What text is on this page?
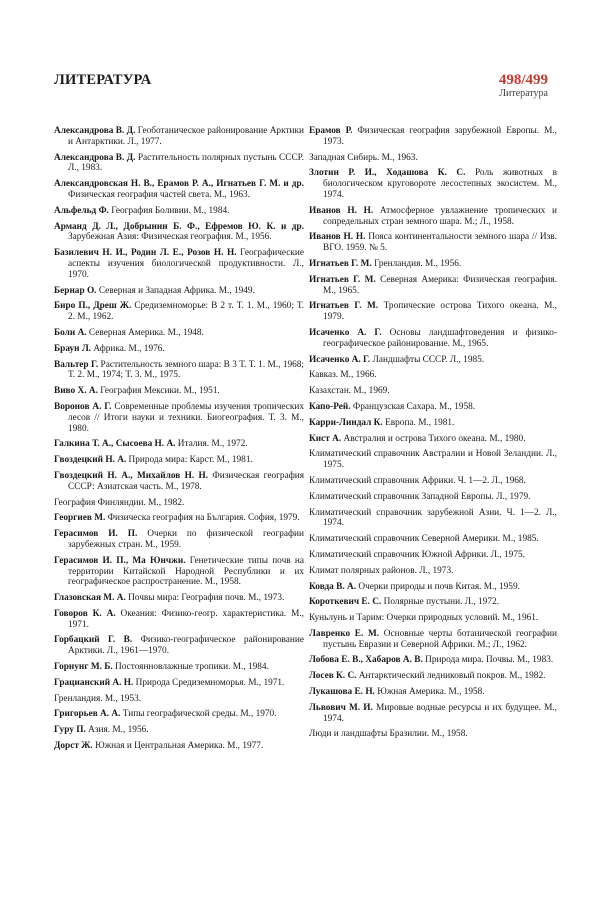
ЛИТЕРАТУРА	498/499
Литература
Александрова В. Д. Геоботаническое районирование Арктики и Антарктики. Л., 1977.
Александрова В. Д. Растительность полярных пустынь СССР. Л., 1983.
Александровская Н. В., Ерамов Р. А., Игнатьев Г. М. и др. Физическая география частей света. М., 1963.
Альфельд Ф. География Боливии. М., 1984.
Арманд Д. Л., Добрынин Б. Ф., Ефремов Ю. К. и др. Зарубежная Азия: Физическая география. М., 1956.
Базилевич Н. И., Родин Л. Е., Розов Н. Н. Географические аспекты изучения биологической продуктивности. Л., 1970.
Бернар О. Северная и Западная Африка. М., 1949.
Биро П., Дреш Ж. Средиземноморье: В 2 т. Т. 1. М., 1960; Т. 2. М., 1962.
Боли А. Северная Америка. М., 1948.
Браун Л. Африка. М., 1976.
Вальтер Г. Растительность земного шара: В 3 Т. Т. 1. М., 1968; Т. 2. М., 1974; Т. 3. М., 1975.
Виво Х. А. География Мексики. М., 1951.
Воронов А. Г. Современные проблемы изучения тропических лесов // Итоги науки и техники. Биогеография. Т. 3. М., 1980.
Галкина Т. А., Сысоева Н. А. Италия. М., 1972.
Гвоздецкий Н. А. Природа мира: Карст. М., 1981.
Гвоздецкий Н. А., Михайлов Н. Н. Физическая география СССР: Азиатская часть. М., 1978.
География Финляндии. М., 1982.
Георгиев М. Физическа география на България. София, 1979.
Герасимов И. П. Очерки по физической географии зарубежных стран. М., 1959.
Герасимов И. П., Ма Юнчжи. Генетические типы почв на территории Китайской Народной Республики и их географическое распространение. М., 1958.
Глазовская М. А. Почвы мира: География почв. М., 1973.
Говоров К. А. Океания: Физико-геогр. характеристика. М., 1971.
Горбацкий Г. В. Физико-географическое районирование Арктики. Л., 1961—1970.
Горнунг М. Б. Постоянновлажные тропики. М., 1984.
Грацианский А. Н. Природа Средиземноморья. М., 1971.
Гренландия. М., 1953.
Григорьев А. А. Типы географической среды. М., 1970.
Гуру П. Азия. М., 1956.
Дорст Ж. Южная и Центральная Америка. М., 1977.
Ерамов Р. Физическая география зарубежной Европы. М., 1973.
Западная Сибирь. М., 1963.
Злотин Р. И., Ходашова К. С. Роль животных в биологическом круговороте лесостепных экосистем. М., 1974.
Иванов Н. Н. Атмосферное увлажнение тропических и сопредельных стран земного шара. М.; Л., 1958.
Иванов Н. Н. Пояса континентальности земного шара // Изв. ВГО. 1959. № 5.
Игнатьев Г. М. Гренландия. М., 1956.
Игнатьев Г. М. Северная Америка: Физическая география. М., 1965.
Игнатьев Г. М. Тропические острова Тихого океана. М., 1979.
Исаченко А. Г. Основы ландшафтоведения и физико-географическое районирование. М., 1965.
Исаченко А. Г. Ландшафты СССР. Л., 1985.
Кавказ. М., 1966.
Казахстан. М., 1969.
Капо-Рей. Французская Сахара. М., 1958.
Карри-Линдал К. Европа. М., 1981.
Кист А. Австралия и острова Тихого океана. М., 1980.
Климатический справочник Австралии и Новой Зеландии. Л., 1975.
Климатический справочник Африки. Ч. 1—2. Л., 1968.
Климатический справочник Западной Европы. Л., 1979.
Климатический справочник зарубежной Азии. Ч. 1—2. Л., 1974.
Климатический справочник Северной Америки. М., 1985.
Климатический справочник Южной Африки. Л., 1975.
Климат полярных районов. Л., 1973.
Ковда В. А. Очерки природы и почв Китая. М., 1959.
Короткевич Е. С. Полярные пустыни. Л., 1972.
Куньлунь и Тарим: Очерки природных условий. М., 1961.
Лавренко Е. М. Основные черты ботанической географии пустынь Евразии и Северной Африки. М.; Л., 1962.
Лобова Е. В., Хабаров А. В. Природа мира. Почвы. М., 1983.
Лосев К. С. Антарктический ледниковый покров. М., 1982.
Лукашова Е. Н. Южная Америка. М., 1958.
Львович М. И. Мировые водные ресурсы и их будущее. М., 1974.
Люди и ландшафты Бразилии. М., 1958.
